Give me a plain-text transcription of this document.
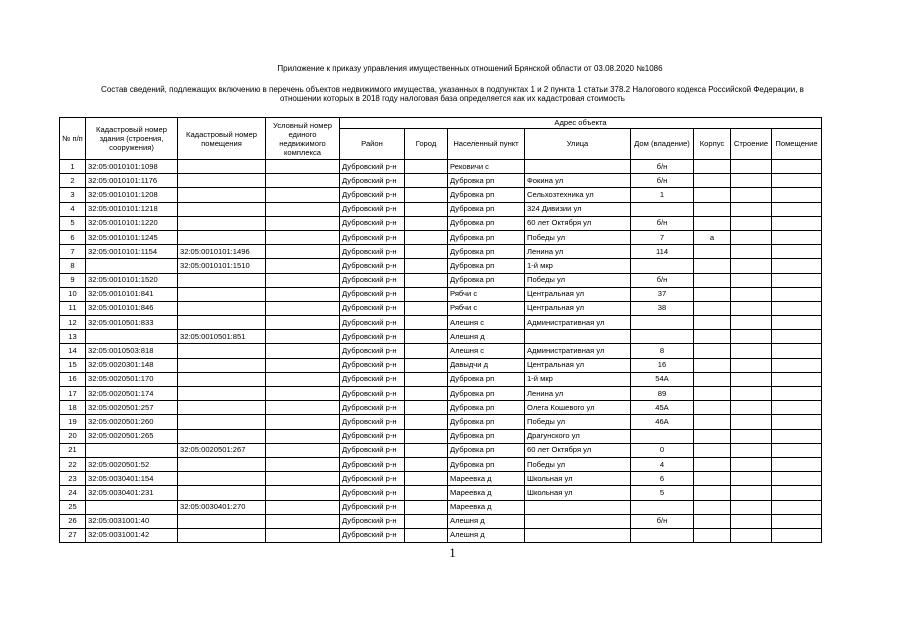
Приложение к приказу управления имущественных отношений Брянской области от 03.08.2020 №1086
Состав сведений, подлежащих включению в перечень объектов недвижимого имущества, указанных в подпунктах 1 и 2 пункта 1 статьи 378.2 Налогового кодекса Российской Федерации, в
отношении которых в 2018 году налоговая база определяется как их кадастровая стоимость
№ п/п	Кадастровый номер здания (строения, сооружения)	Кадастровый номер помещения	Условный номер единого недвижимого комплекса	Адрес объекта							
				Район	Город	Населенный пункт	Улица	Дом (владение)	Корпус	Строение	Помещение
1	32:05:0010101:1098			Дубровский р-н		Рековичи с		б/н			
2	32:05:0010101:1176			Дубровский р-н		Дубровка рп	Фокина ул	б/н			
3	32:05:0010101:1208			Дубровский р-н		Дубровка рп	Сельхозтехника ул	1			
4	32:05:0010101:1218			Дубровский р-н		Дубровка рп	324 Дивизии ул				
5	32:05:0010101:1220			Дубровский р-н		Дубровка рп	60 лет Октября ул	б/н			
6	32:05:0010101:1245			Дубровский р-н		Дубровка рп	Победы ул	7	а		
7	32:05:0010101:1154	32:05:0010101:1496		Дубровский р-н		Дубровка рп	Ленина ул	114			
8		32:05:0010101:1510		Дубровский р-н		Дубровка рп	1-й мкр				
9	32:05:0010101:1520			Дубровский р-н		Дубровка рп	Победы ул	б/н			
10	32:05:0010101:841			Дубровский р-н		Рябчи с	Центральная ул	37			
11	32:05:0010101:846			Дубровский р-н		Рябчи с	Центральная ул	38			
12	32:05:0010501:833			Дубровский р-н		Алешня с	Административная ул				
13		32:05:0010501:851		Дубровский р-н		Алешня д					
14	32:05:0010503:818			Дубровский р-н		Алешня с	Административная ул	8			
15	32:05:0020301:148			Дубровский р-н		Давыдчи д	Центральная ул	16			
16	32:05:0020501:170			Дубровский р-н		Дубровка рп	1-й мкр	54А			
17	32:05:0020501:174			Дубровский р-н		Дубровка рп	Ленина ул	89			
18	32:05:0020501:257			Дубровский р-н		Дубровка рп	Олега Кошевого ул	45А			
19	32:05:0020501:260			Дубровский р-н		Дубровка рп	Победы ул	46А			
20	32:05:0020501:265			Дубровский р-н		Дубровка рп	Драгунского ул				
21		32:05:0020501:267		Дубровский р-н		Дубровка рп	60 лет Октября ул	0			
22	32:05:0020501:52			Дубровский р-н		Дубровка рп	Победы ул	4			
23	32:05:0030401:154			Дубровский р-н		Мареевка д	Школьная ул	6			
24	32:05:0030401:231			Дубровский р-н		Мареевка д	Школьная ул	5			
25		32:05:0030401:270		Дубровский р-н		Мареевка д					
26	32:05:0031001:40			Дубровский р-н		Алешня д		б/н			
27	32:05:0031001:42			Дубровский р-н		Алешня д					
1
